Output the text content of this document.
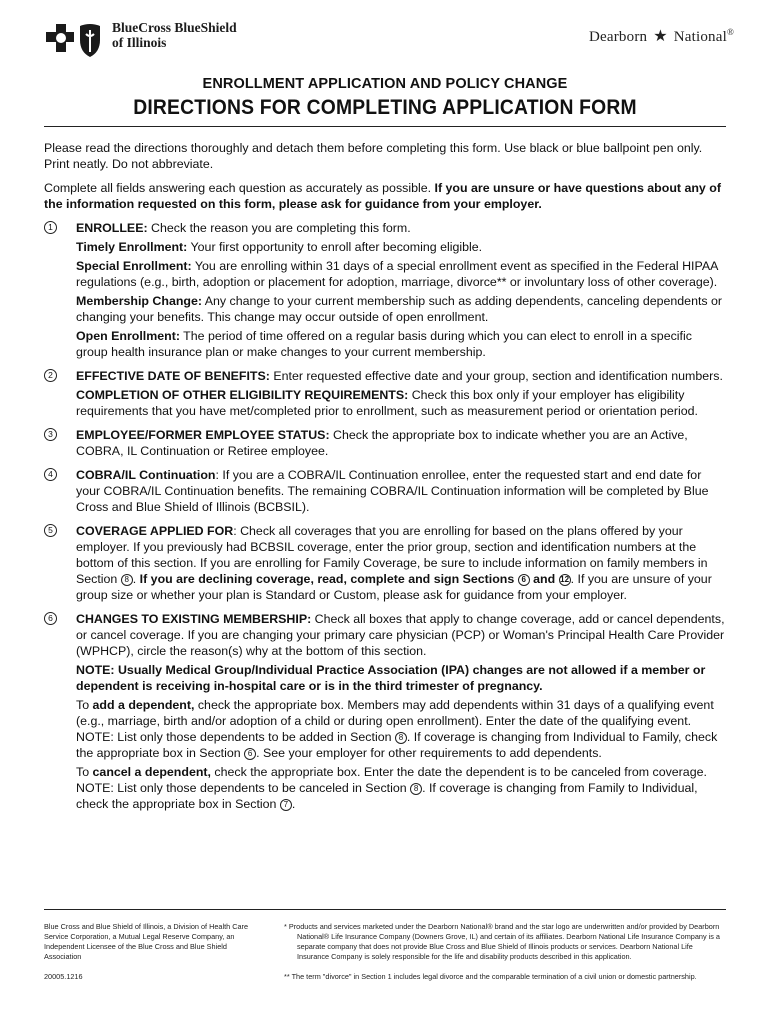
BlueCross BlueShield
of Illinois	Dearborn ★ National®
ENROLLMENT APPLICATION AND POLICY CHANGE
DIRECTIONS FOR COMPLETING APPLICATION FORM

Please read the directions thoroughly and detach them before completing this form. Use black or blue ballpoint pen only. Print neatly. Do not abbreviate.

Complete all fields answering each question as accurately as possible. If you are unsure or have questions about any of the information requested on this form, please ask for guidance from your employer.

1	ENROLLEE: Check the reason you are completing this form.

Timely Enrollment: Your first opportunity to enroll after becoming eligible.

Special Enrollment: You are enrolling within 31 days of a special enrollment event as specified in the Federal HIPAA regulations (e.g., birth, adoption or placement for adoption, marriage, divorce** or involuntary loss of other coverage).

Membership Change: Any change to your current membership such as adding dependents, canceling dependents or changing your benefits. This change may occur outside of open enrollment.

Open Enrollment: The period of time offered on a regular basis during which you can elect to enroll in a specific group health insurance plan or make changes to your current membership.

2	EFFECTIVE DATE OF BENEFITS: Enter requested effective date and your group, section and identification numbers.

COMPLETION OF OTHER ELIGIBILITY REQUIREMENTS: Check this box only if your employer has eligibility requirements that you have met/completed prior to enrollment, such as measurement period or orientation period.

3	EMPLOYEE/FORMER EMPLOYEE STATUS: Check the appropriate box to indicate whether you are an Active, COBRA, IL Continuation or Retiree employee.

4	COBRA/IL Continuation: If you are a COBRA/IL Continuation enrollee, enter the requested start and end date for your COBRA/IL Continuation benefits. The remaining COBRA/IL Continuation information will be completed by Blue Cross and Blue Shield of Illinois (BCBSIL).

5	COVERAGE APPLIED FOR: Check all coverages that you are enrolling for based on the plans offered by your employer. If you previously had BCBSIL coverage, enter the prior group, section and identification numbers at the bottom of this section. If you are enrolling for Family Coverage, be sure to include information on family members in Section 8 . If you are declining coverage, read, complete and sign Sections 6 and 12 . If you are unsure of your group size or whether your plan is Standard or Custom, please ask for guidance from your employer.

6	CHANGES TO EXISTING MEMBERSHIP: Check all boxes that apply to change coverage, add or cancel dependents, or cancel coverage. If you are changing your primary care physician (PCP) or Woman's Principal Health Care Provider (WPHCP), circle the reason(s) why at the bottom of this section.

NOTE: Usually Medical Group/Individual Practice Association (IPA) changes are not allowed if a member or dependent is receiving in-hospital care or is in the third trimester of pregnancy.

To add a dependent, check the appropriate box. Members may add dependents within 31 days of a qualifying event (e.g., marriage, birth and/or adoption of a child or during open enrollment). Enter the date of the qualifying event. NOTE: List only those dependents to be added in Section 8 . If coverage is changing from Individual to Family, check the appropriate box in Section 6 . See your employer for other requirements to add dependents.

To cancel a dependent, check the appropriate box. Enter the date the dependent is to be canceled from coverage. NOTE: List only those dependents to be canceled in Section 8 . If coverage is changing from Family to Individual, check the appropriate box in Section 7 .

Blue Cross and Blue Shield of Illinois, a Division of Health Care Service Corporation, a Mutual Legal Reserve Company, an Independent Licensee of the Blue Cross and Blue Shield Association
20005.1216

* Products and services marketed under the Dearborn National® brand and the star logo are underwritten and/or provided by Dearborn National® Life Insurance Company (Downers Grove, IL) and certain of its affiliates. Dearborn National Life Insurance Company is a separate company that does not provide Blue Cross and Blue Shield of Illinois products or services. Dearborn National Life Insurance Company is solely responsible for the life and disability products described in this application.

** The term "divorce" in Section 1 includes legal divorce and the comparable termination of a civil union or domestic partnership.
